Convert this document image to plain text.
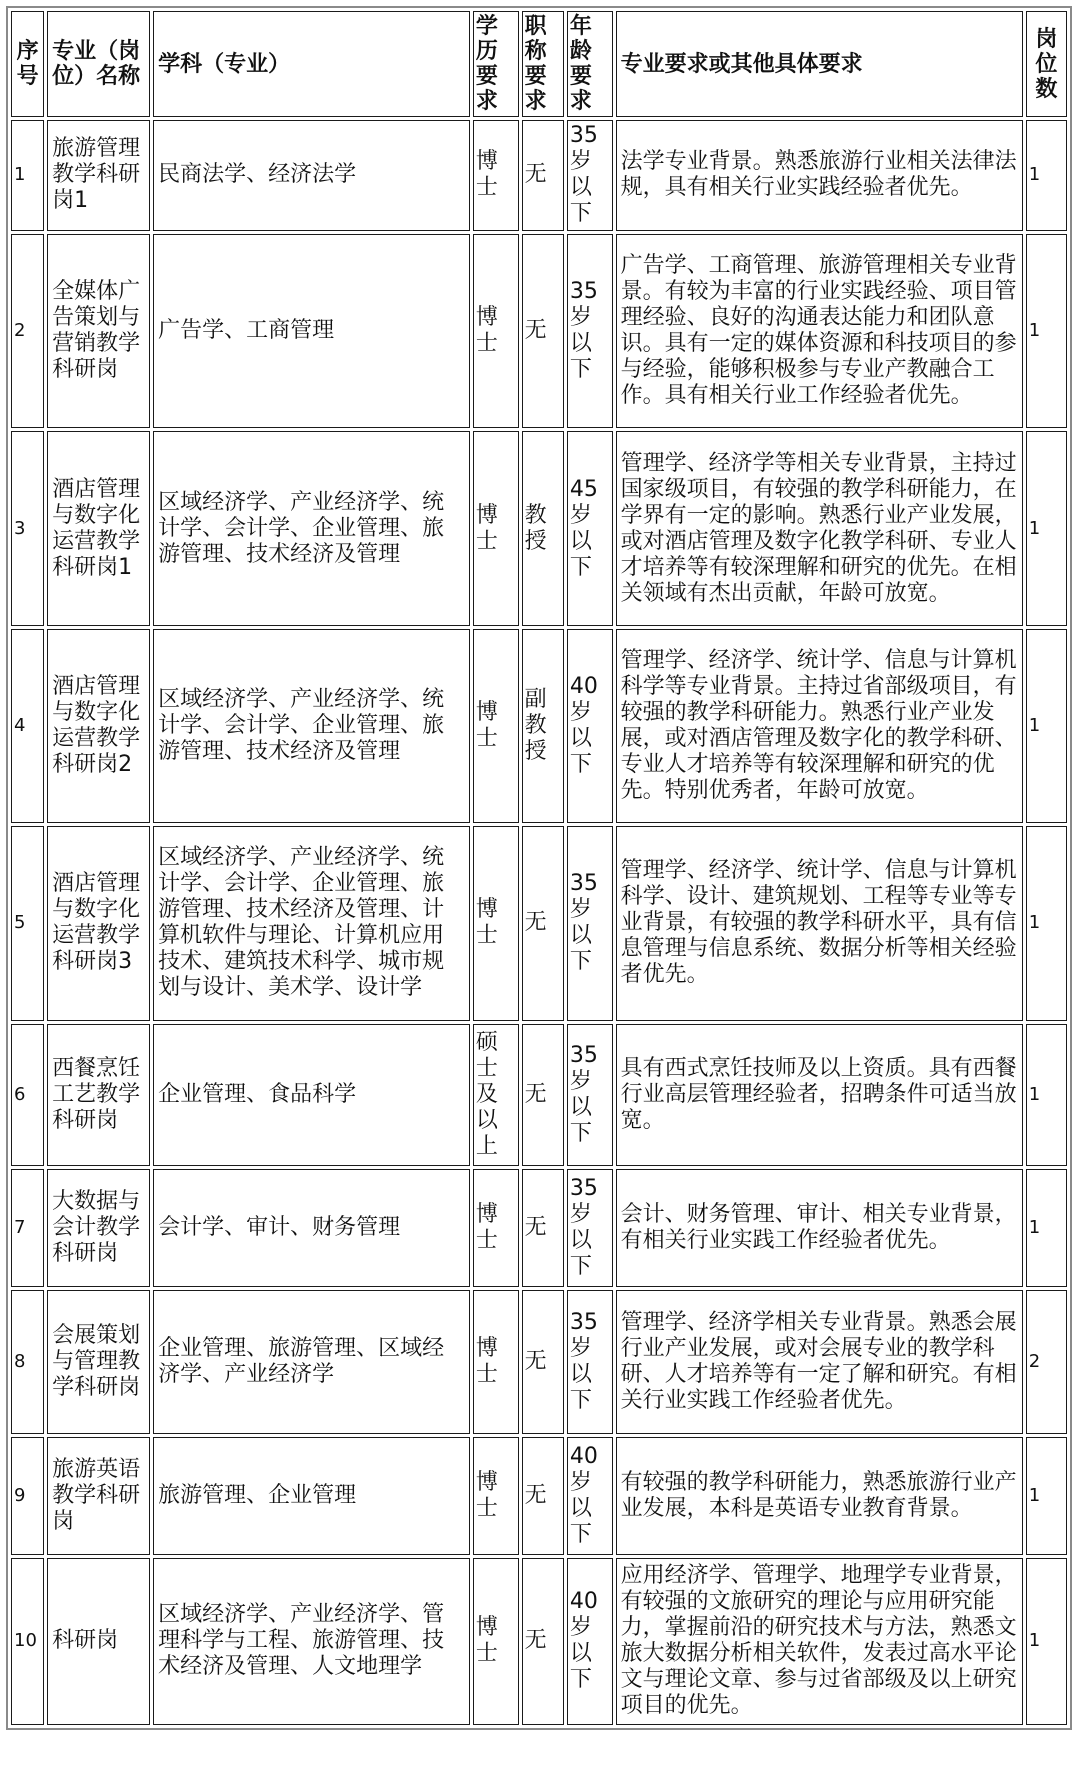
序号	专业（岗位）名称	学科（专业）	学历要求	职称要求	年龄要求	专业要求或其他具体要求	岗位数
1	旅游管理教学科研岗1	民商法学、经济法学	博士	无	35岁以下	法学专业背景。熟悉旅游行业相关法律法规，具有相关行业实践经验者优先。	1
2	全媒体广告策划与营销教学科研岗	广告学、工商管理	博士	无	35岁以下	广告学、工商管理、旅游管理相关专业背景。有较为丰富的行业实践经验、项目管理经验、良好的沟通表达能力和团队意识。具有一定的媒体资源和科技项目的参与经验，能够积极参与专业产教融合工作。具有相关行业工作经验者优先。	1
3	酒店管理与数字化运营教学科研岗1	区域经济学、产业经济学、统计学、会计学、企业管理、旅游管理、技术经济及管理	博士	教授	45岁以下	管理学、经济学等相关专业背景，主持过国家级项目，有较强的教学科研能力，在学界有一定的影响。熟悉行业产业发展，或对酒店管理及数字化教学科研、专业人才培养等有较深理解和研究的优先。在相关领域有杰出贡献，年龄可放宽。	1
4	酒店管理与数字化运营教学科研岗2	区域经济学、产业经济学、统计学、会计学、企业管理、旅游管理、技术经济及管理	博士	副教授	40岁以下	管理学、经济学、统计学、信息与计算机科学等专业背景。主持过省部级项目，有较强的教学科研能力。熟悉行业产业发展，或对酒店管理及数字化的教学科研、专业人才培养等有较深理解和研究的优先。特别优秀者，年龄可放宽。	1
5	酒店管理与数字化运营教学科研岗3	区域经济学、产业经济学、统计学、会计学、企业管理、旅游管理、技术经济及管理、计算机软件与理论、计算机应用技术、建筑技术科学、城市规划与设计、美术学、设计学	博士	无	35岁以下	管理学、经济学、统计学、信息与计算机科学、设计、建筑规划、工程等专业等专业背景，有较强的教学科研水平，具有信息管理与信息系统、数据分析等相关经验者优先。	1
6	西餐烹饪工艺教学科研岗	企业管理、食品科学	硕士及以上	无	35岁以下	具有西式烹饪技师及以上资质。具有西餐行业高层管理经验者，招聘条件可适当放宽。	1
7	大数据与会计教学科研岗	会计学、审计、财务管理	博士	无	35岁以下	会计、财务管理、审计、相关专业背景，有相关行业实践工作经验者优先。	1
8	会展策划与管理教学科研岗	企业管理、旅游管理、区域经济学、产业经济学	博士	无	35岁以下	管理学、经济学相关专业背景。熟悉会展行业产业发展，或对会展专业的教学科研、人才培养等有一定了解和研究。有相关行业实践工作经验者优先。	2
9	旅游英语教学科研岗	旅游管理、企业管理	博士	无	40岁以下	有较强的教学科研能力，熟悉旅游行业产业发展，本科是英语专业教育背景。	1
10	科研岗	区域经济学、产业经济学、管理科学与工程、旅游管理、技术经济及管理、人文地理学	博士	无	40岁以下	应用经济学、管理学、地理学专业背景，有较强的文旅研究的理论与应用研究能力，掌握前沿的研究技术与方法，熟悉文旅大数据分析相关软件，发表过高水平论文与理论文章、参与过省部级及以上研究项目的优先。	1
